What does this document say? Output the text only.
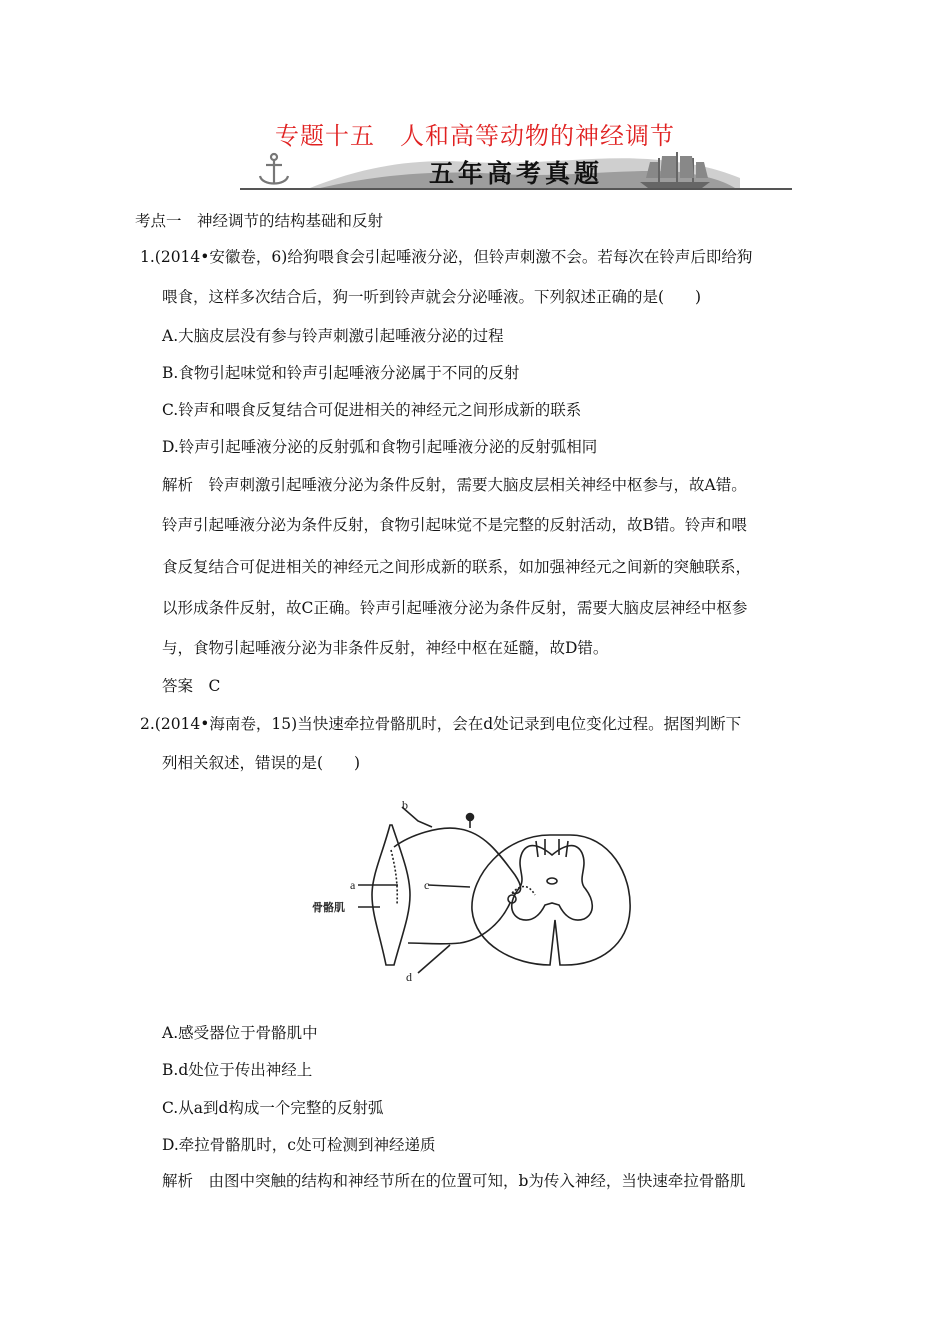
专题十五　人和高等动物的神经调节
五年高考真题
考点一　神经调节的结构基础和反射
1.(2014•安徽卷，6)给狗喂食会引起唾液分泌，但铃声刺激不会。若每次在铃声后即给狗
喂食，这样多次结合后，狗一听到铃声就会分泌唾液。下列叙述正确的是(　　)
A.大脑皮层没有参与铃声刺激引起唾液分泌的过程
B.食物引起味觉和铃声引起唾液分泌属于不同的反射
C.铃声和喂食反复结合可促进相关的神经元之间形成新的联系
D.铃声引起唾液分泌的反射弧和食物引起唾液分泌的反射弧相同
解析　铃声刺激引起唾液分泌为条件反射，需要大脑皮层相关神经中枢参与，故A错。
铃声引起唾液分泌为条件反射，食物引起味觉不是完整的反射活动，故B错。铃声和喂
食反复结合可促进相关的神经元之间形成新的联系，如加强神经元之间新的突触联系，
以形成条件反射，故C正确。铃声引起唾液分泌为条件反射，需要大脑皮层神经中枢参
与，食物引起唾液分泌为非条件反射，神经中枢在延髓，故D错。
答案　C
2.(2014•海南卷，15)当快速牵拉骨骼肌时，会在d处记录到电位变化过程。据图判断下
列相关叙述，错误的是(　　)
b
a	c
d
骨骼肌
A.感受器位于骨骼肌中
B.d处位于传出神经上
C.从a到d构成一个完整的反射弧
D.牵拉骨骼肌时，c处可检测到神经递质
解析　由图中突触的结构和神经节所在的位置可知，b为传入神经，当快速牵拉骨骼肌
